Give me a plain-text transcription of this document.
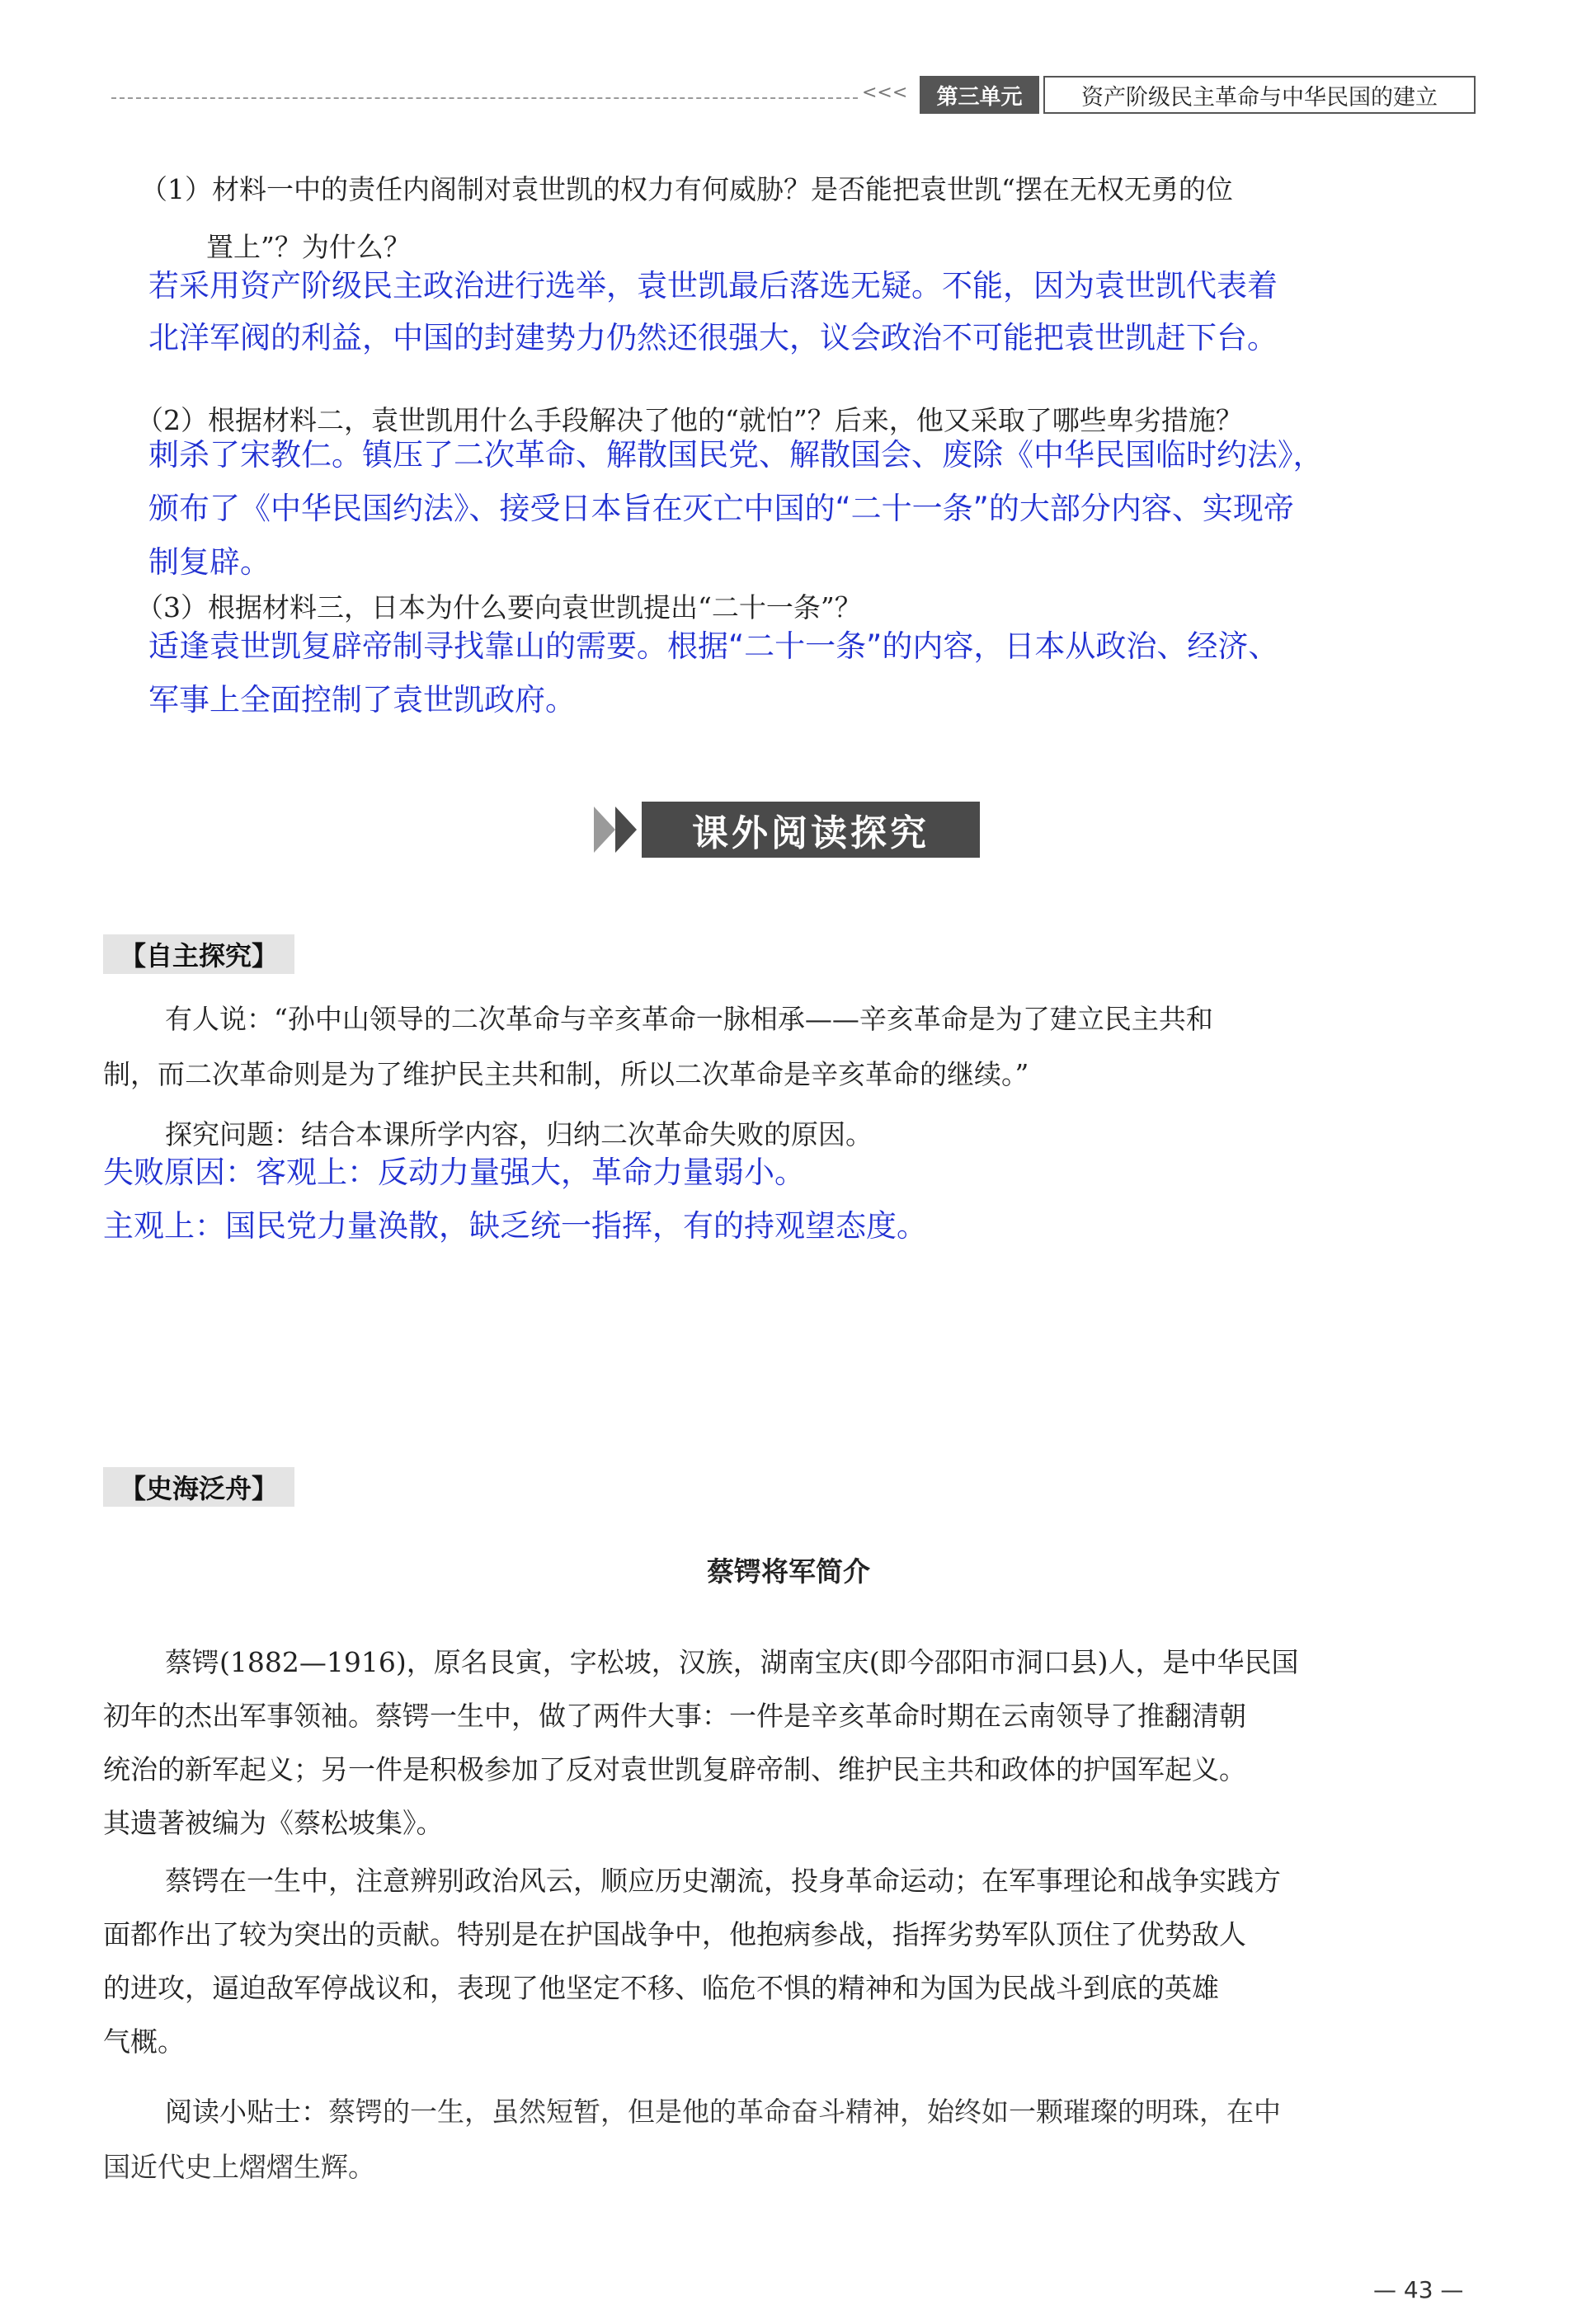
<<<	第三单元	资产阶级民主革命与中华民国的建立
（1）材料一中的责任内阁制对袁世凯的权力有何威胁？是否能把袁世凯“摆在无权无勇的位
置上”？为什么？
若采用资产阶级民主政治进行选举，袁世凯最后落选无疑。不能，因为袁世凯代表着
北洋军阀的利益，中国的封建势力仍然还很强大，议会政治不可能把袁世凯赶下台。
（2）根据材料二，袁世凯用什么手段解决了他的“就怕”？后来，他又采取了哪些卑劣措施？
刺杀了宋教仁。镇压了二次革命、解散国民党、解散国会、废除《中华民国临时约法》，
颁布了《中华民国约法》、接受日本旨在灭亡中国的“二十一条”的大部分内容、实现帝
制复辟。
（3）根据材料三，日本为什么要向袁世凯提出“二十一条”？
适逢袁世凯复辟帝制寻找靠山的需要。根据“二十一条”的内容，日本从政治、经济、
军事上全面控制了袁世凯政府。
课外阅读探究
【自主探究】
有人说：“孙中山领导的二次革命与辛亥革命一脉相承——辛亥革命是为了建立民主共和
制，而二次革命则是为了维护民主共和制，所以二次革命是辛亥革命的继续。”
探究问题：结合本课所学内容，归纳二次革命失败的原因。
失败原因：客观上：反动力量强大，革命力量弱小。
主观上：国民党力量涣散，缺乏统一指挥，有的持观望态度。
【史海泛舟】
蔡锷将军简介
蔡锷(1882—1916)，原名艮寅，字松坡，汉族，湖南宝庆(即今邵阳市洞口县)人，是中华民国
初年的杰出军事领袖。蔡锷一生中，做了两件大事：一件是辛亥革命时期在云南领导了推翻清朝
统治的新军起义；另一件是积极参加了反对袁世凯复辟帝制、维护民主共和政体的护国军起义。
其遗著被编为《蔡松坡集》。
蔡锷在一生中，注意辨别政治风云，顺应历史潮流，投身革命运动；在军事理论和战争实践方
面都作出了较为突出的贡献。特别是在护国战争中，他抱病参战，指挥劣势军队顶住了优势敌人
的进攻，逼迫敌军停战议和，表现了他坚定不移、临危不惧的精神和为国为民战斗到底的英雄
气概。
阅读小贴士：蔡锷的一生，虽然短暂，但是他的革命奋斗精神，始终如一颗璀璨的明珠，在中
国近代史上熠熠生辉。
— 43 —
